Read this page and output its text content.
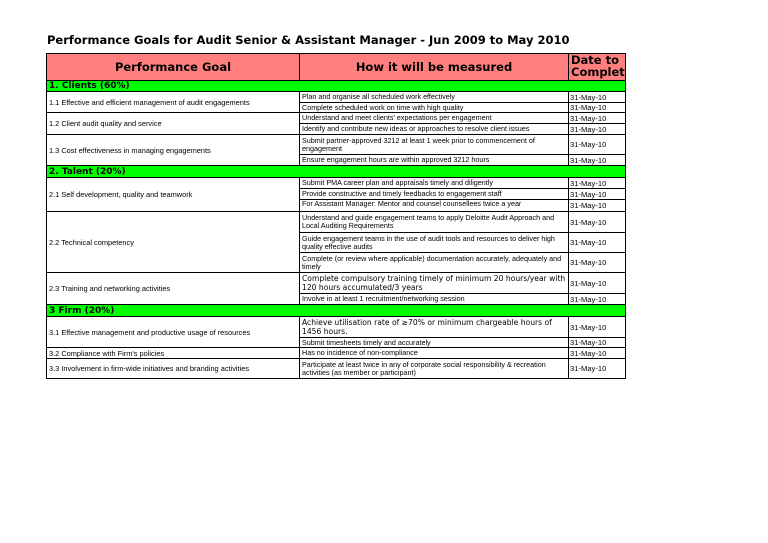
Performance Goals for Audit Senior & Assistant Manager - Jun 2009 to May 2010
Performance Goal	How it will be measured	Date to Complet
1. Clients (60%)
1.1 Effective and efficient management of audit engagements
Plan and organise all scheduled work effectively	31-May-10
Complete scheduled work on time with high quality	31-May-10
1.2 Client audit quality and service
Understand and meet clients' expectations per engagement	31-May-10
Identify and contribute new ideas or approaches to resolve client issues	31-May-10
1.3 Cost effectiveness in managing engagements
Submit partner-approved 3212 at least 1 week prior to commencement of engagement	31-May-10
Ensure engagement hours are within approved 3212 hours	31-May-10
2. Talent (20%)
2.1 Self development, quality and teamwork
Submit PMA career plan and appraisals timely and diligently	31-May-10
Provide constructive and timely feedbacks to engagement staff	31-May-10
For Assistant Manager: Mentor and counsel counsellees twice a year	31-May-10
2.2 Technical competency
Understand and guide engagement teams to apply Deloitte Audit Approach and Local Auditing Requirements	31-May-10
Guide engagement teams in the use of audit tools and resources to deliver high quality effective audits	31-May-10
Complete (or review where applicable) documentation accurately, adequately and timely	31-May-10
2.3 Training and networking activities
Complete compulsory training timely of minimum 20 hours/year with 120 hours accumulated/3 years	31-May-10
Involve in at least 1 recruitment/networking session	31-May-10
3 Firm (20%)
3.1 Effective management and productive usage of resources
Achieve utilisation rate of ≥70% or minimum chargeable hours of 1456 hours.	31-May-10
Submit timesheets timely and accurately	31-May-10
3.2 Compliance with Firm's policies	Has no incidence of non-compliance	31-May-10
3.3 Involvement in firm-wide initiatives and branding activities	Participate at least twice in any of corporate social responsibility & recreation activities (as member or participant)	31-May-10
